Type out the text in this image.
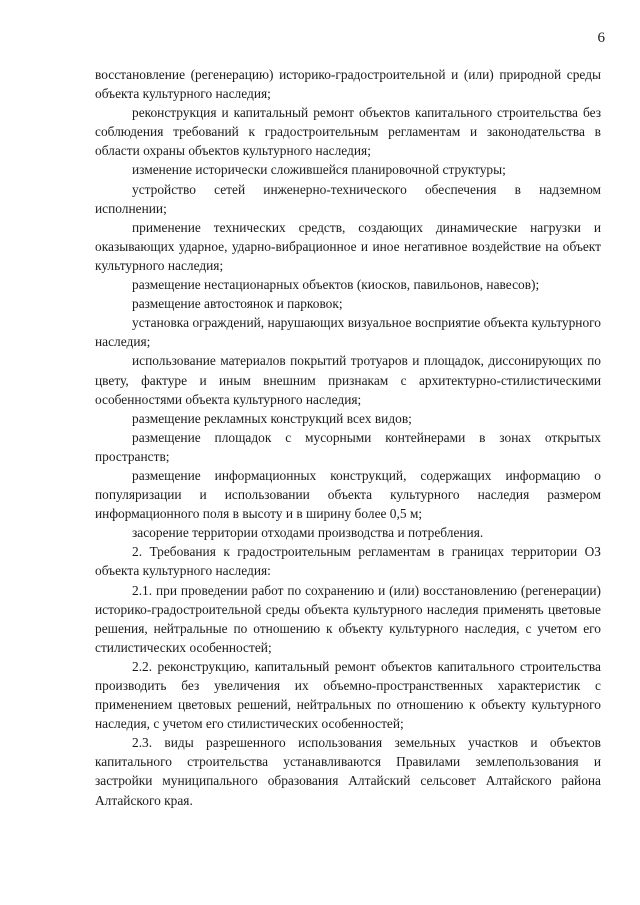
6

восстановление (регенерацию) историко-градостроительной и (или) природной среды объекта культурного наследия;

реконструкция и капитальный ремонт объектов капитального строительства без соблюдения требований к градостроительным регламентам и законодательства в области охраны объектов культурного наследия;

изменение исторически сложившейся планировочной структуры;

устройство сетей инженерно-технического обеспечения в надземном исполнении;

применение технических средств, создающих динамические нагрузки и оказывающих ударное, ударно-вибрационное и иное негативное воздействие на объект культурного наследия;

размещение нестационарных объектов (киосков, павильонов, навесов);

размещение автостоянок и парковок;

установка ограждений, нарушающих визуальное восприятие объекта культурного наследия;

использование материалов покрытий тротуаров и площадок, диссонирующих по цвету, фактуре и иным внешним признакам с архитектурно-стилистическими особенностями объекта культурного наследия;

размещение рекламных конструкций всех видов;

размещение площадок с мусорными контейнерами в зонах открытых пространств;

размещение информационных конструкций, содержащих информацию о популяризации и использовании объекта культурного наследия размером информационного поля в высоту и в ширину более 0,5 м;

засорение территории отходами производства и потребления.

2. Требования к градостроительным регламентам в границах территории ОЗ объекта культурного наследия:

2.1. при проведении работ по сохранению и (или) восстановлению (регенерации) историко-градостроительной среды объекта культурного наследия применять цветовые решения, нейтральные по отношению к объекту культурного наследия, с учетом его стилистических особенностей;

2.2. реконструкцию, капитальный ремонт объектов капитального строительства производить без увеличения их объемно-пространственных характеристик с применением цветовых решений, нейтральных по отношению к объекту культурного наследия, с учетом его стилистических особенностей;

2.3. виды разрешенного использования земельных участков и объектов капитального строительства устанавливаются Правилами землепользования и застройки муниципального образования Алтайский сельсовет Алтайского района Алтайского края.
